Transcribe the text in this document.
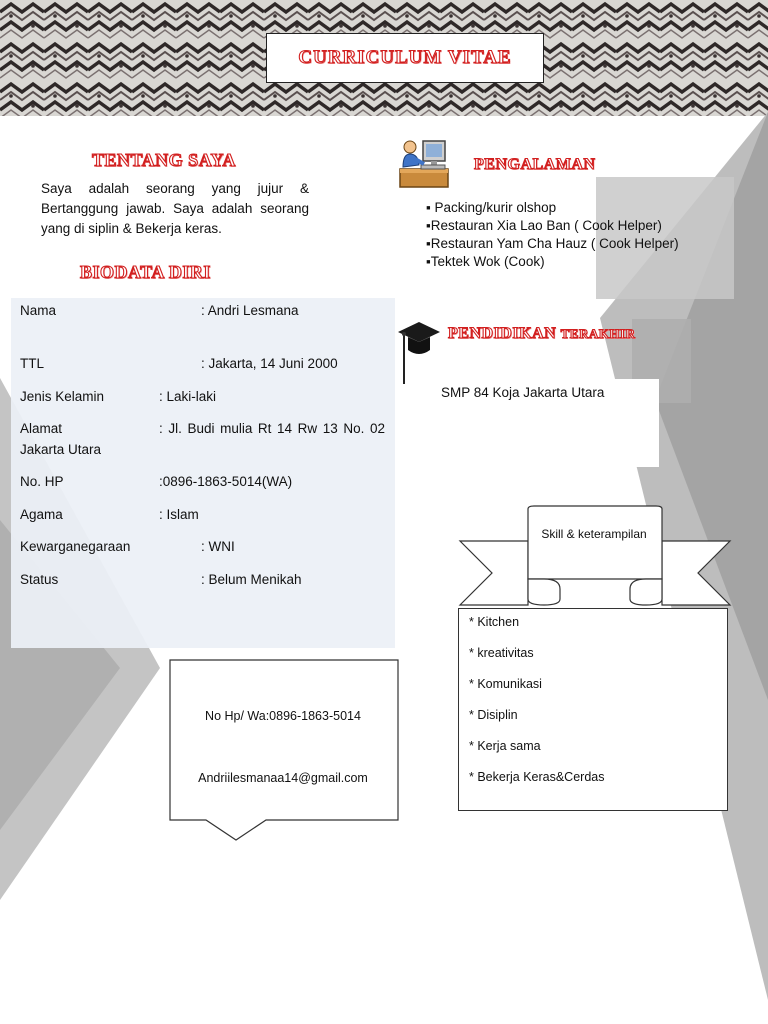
CURRICULUM VITAE
TENTANG SAYA
Saya adalah seorang yang jujur &
Bertanggung jawab. Saya adalah seorang
yang di siplin & Bekerja keras.
BIODATA DIRI
Nama	: Andri Lesmana
TTL	: Jakarta, 14 Juni 2000
Jenis Kelamin	: Laki-laki
Alamat	: Jl. Budi mulia Rt 14 Rw 13 No. 02
Jakarta Utara
No. HP	:0896-1863-5014(WA)
Agama	: Islam
Kewarganegaraan	: WNI
Status	: Belum Menikah
PENGALAMAN
▪ Packing/kurir olshop
▪Restauran Xia Lao Ban ( Cook Helper)
▪Restauran Yam Cha Hauz ( Cook Helper)
▪Tektek Wok (Cook)
PENDIDIKAN TERAKHIR
SMP 84 Koja Jakarta Utara
Skill & keterampilan
* Kitchen
* kreativitas
* Komunikasi
* Disiplin
* Kerja sama
* Bekerja Keras&Cerdas
No Hp/ Wa:0896-1863-5014
Andriilesmanaa14@gmail.com
